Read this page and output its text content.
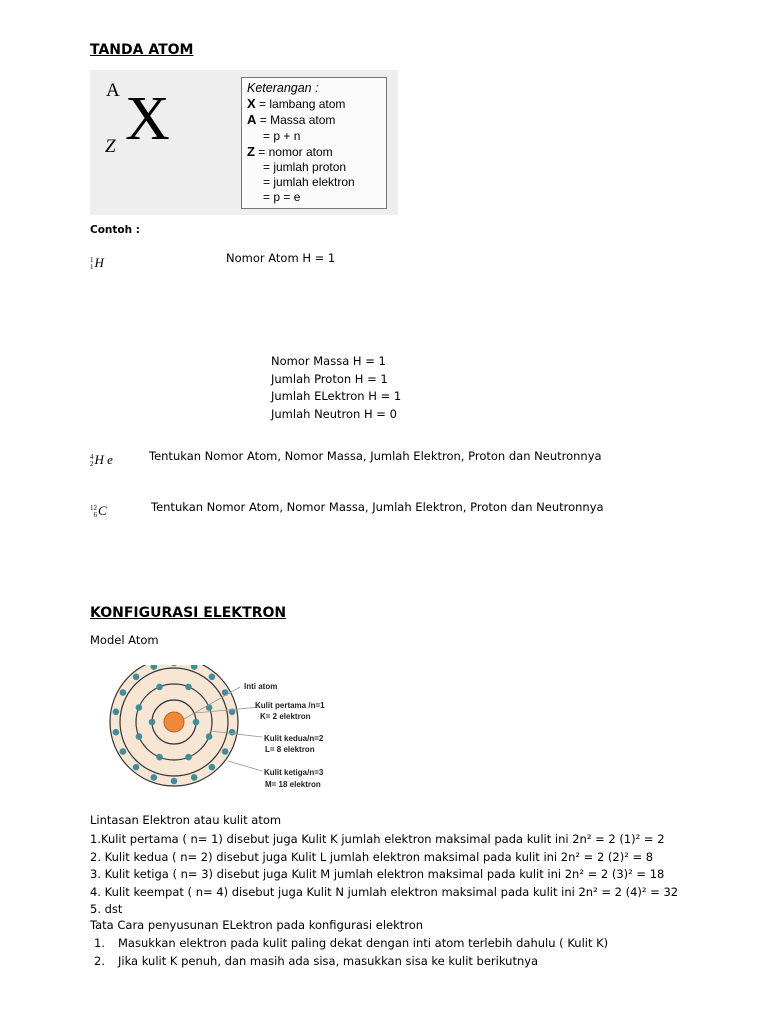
TANDA ATOM
A X
Z
Keterangan :
X = lambang atom
A = Massa atom
= p + n
Z = nomor atom
= jumlah proton
= jumlah elektron
= p = e
Contoh :
1
1H	Nomor Atom H = 1
Nomor Massa H = 1
Jumlah Proton H = 1
Jumlah ELektron H = 1
Jumlah Neutron H = 0
4
2H e	Tentukan Nomor Atom, Nomor Massa, Jumlah Elektron, Proton dan Neutronnya
12
6C	Tentukan Nomor Atom, Nomor Massa, Jumlah Elektron, Proton dan Neutronnya
KONFIGURASI ELEKTRON
Model Atom
Inti atom
Kulit pertama /n=1
K= 2 elektron
Kulit kedua/n=2
L= 8 elektron
Kulit ketiga/n=3
M= 18 elektron
Lintasan Elektron atau kulit atom
1.Kulit pertama ( n= 1) disebut juga Kulit K jumlah elektron maksimal pada kulit ini 2n² = 2 (1)² = 2
2. Kulit kedua ( n= 2) disebut juga Kulit L jumlah elektron maksimal pada kulit ini 2n² = 2 (2)² = 8
3. Kulit ketiga ( n= 3) disebut juga Kulit M jumlah elektron maksimal pada kulit ini 2n² = 2 (3)² = 18
4. Kulit keempat ( n= 4) disebut juga Kulit N jumlah elektron maksimal pada kulit ini 2n² = 2 (4)² = 32
5. dst
Tata Cara penyusunan ELektron pada konfigurasi elektron
1. Masukkan elektron pada kulit paling dekat dengan inti atom terlebih dahulu ( Kulit K)
2. Jika kulit K penuh, dan masih ada sisa, masukkan sisa ke kulit berikutnya
